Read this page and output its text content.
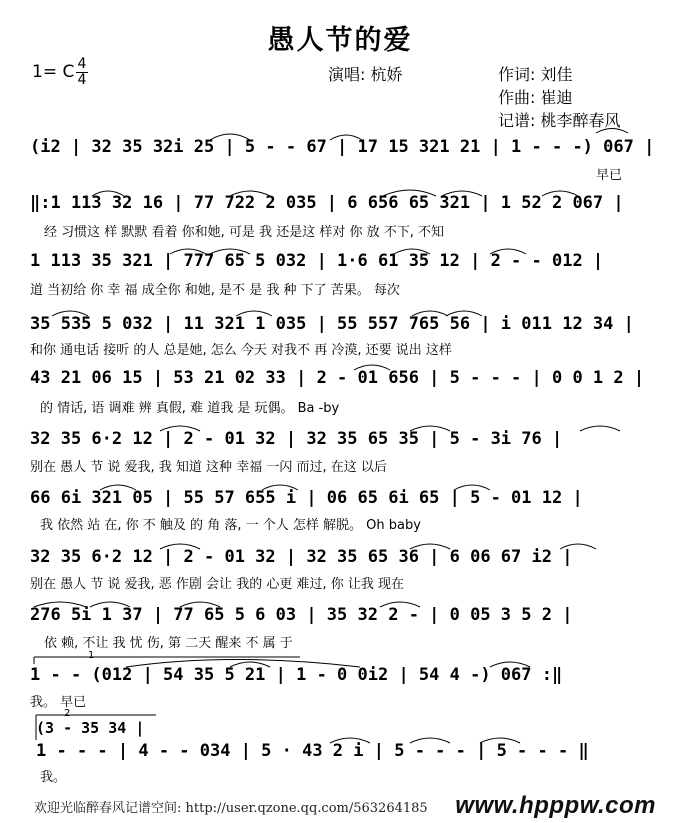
愚人节的爱
1= C 4
4	演唱: 杭娇	作词: 刘佳
作曲: 崔迪
记谱: 桃李醉春风
(i2 | 32 35 32i 25 | 5 - - 67 | 17 15 321 21 | 1 - - -) 067 |
早已
‖:1 113 32 16 | 77 722 2 035 | 6 656 65 321 | 1 52 2 067 |
经 习惯这 样 默默 看着 你和她, 可是 我 还是这 样对 你 放 不下, 不知
1 113 35 321 | 777 65 5 032 | 1·6 61 35 12 | 2 - - 012 |
道 当初给 你 幸 福 成全你 和她, 是不 是 我 种 下了 苦果。 每次
35 535 5 032 | 11 321 1 035 | 55 557 765 56 | i 011 12 34 |
和你 通电话 接听 的人 总是她, 怎么 今天 对我不 再 冷漠, 还要 说出 这样
43 21 06 15 | 53 21 02 33 | 2 - 01 656 | 5 - - - | 0 0 1 2 |
的 情话, 语 调难 辨 真假, 难 道我 是 玩偶。 Ba -by
32 35 6·2 12 | 2 - 01 32 | 32 35 65 35 | 5 - 3i 76 |
别在 愚人 节 说 爱我, 我 知道 这种 幸福 一闪 而过, 在这 以后
66 6i 321 05 | 55 57 655 i | 06 65 6i 65 | 5 - 01 12 |
我 依然 站 在, 你 不 触及 的 角 落, 一 个人 怎样 解脱。 Oh baby
32 35 6·2 12 | 2 - 01 32 | 32 35 65 36 | 6 06 67 i2 |
别在 愚人 节 说 爱我, 恶 作剧 会让 我的 心更 难过, 你 让我 现在
276 5i 1 37 | 77 65 5 6 03 | 35 32 2 - | 0 05 3 5 2 |
依 赖, 不让 我 忧 伤, 第 二天 醒来 不 属 于
1
1 - - (012 | 54 35 5 21 | 1 - 0 0i2 | 54 4 -) 067 :‖
我。 早已
2
(3 - 35 34 |
1 - - - | 4 - - 034 | 5 · 43 2 i | 5 - - - | 5 - - - ‖
我。
欢迎光临醉春风记谱空间: http://user.qzone.qq.com/563264185 www.hpppw.com
